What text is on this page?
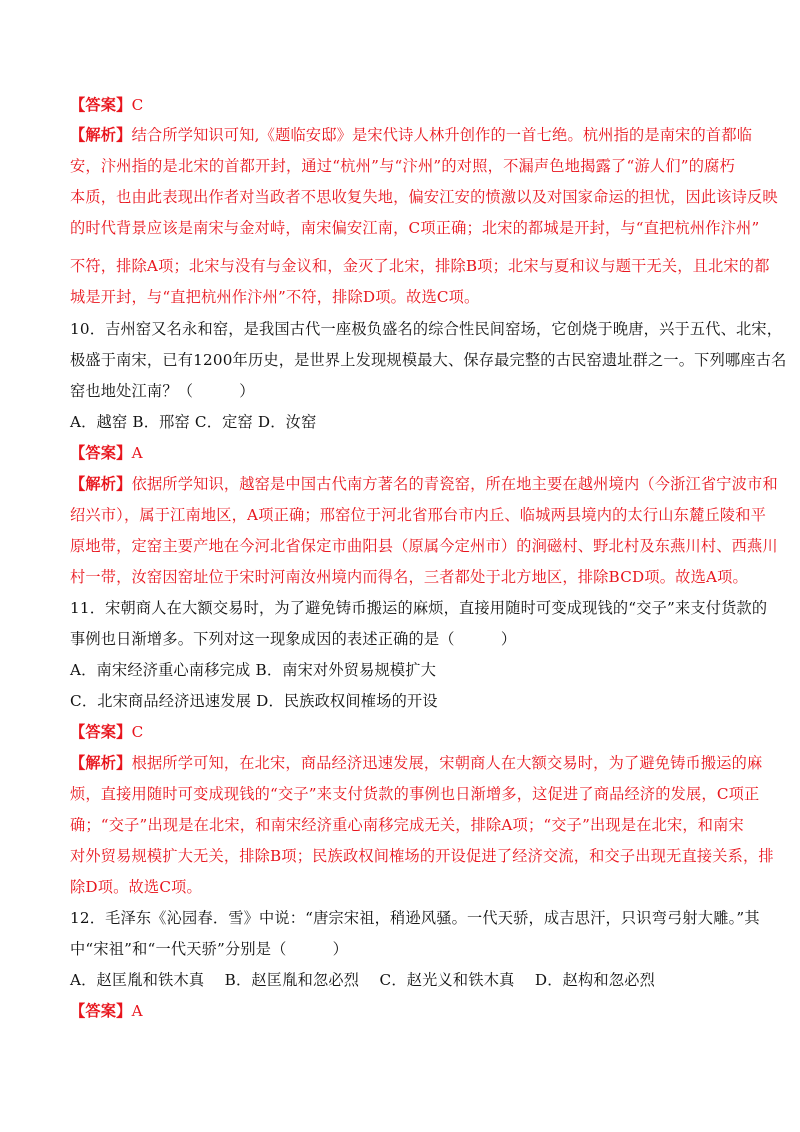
【答案】C
【解析】结合所学知识可知,《题临安邸》是宋代诗人林升创作的一首七绝。杭州指的是南宋的首都临
安，汴州指的是北宋的首都开封，通过“杭州”与“汴州”的对照，不漏声色地揭露了“游人们”的腐朽
本质，也由此表现出作者对当政者不思收复失地，偏安江安的愤激以及对国家命运的担忧，因此该诗反映
的时代背景应该是南宋与金对峙，南宋偏安江南，C项正确；北宋的都城是开封，与“直把杭州作汴州”
不符，排除A项；北宋与没有与金议和，金灭了北宋，排除B项；北宋与夏和议与题干无关，且北宋的都
城是开封，与“直把杭州作汴州”不符，排除D项。故选C项。
10．吉州窑又名永和窑，是我国古代一座极负盛名的综合性民间窑场，它创烧于晚唐，兴于五代、北宋，
极盛于南宋，已有1200年历史，是世界上发现规模最大、保存最完整的古民窑遗址群之一。下列哪座古名
窑也地处江南？（　　　）
A．越窑 B．邢窑 C．定窑 D．汝窑
【答案】A
【解析】依据所学知识，越窑是中国古代南方著名的青瓷窑，所在地主要在越州境内（今浙江省宁波市和
绍兴市），属于江南地区，A项正确；邢窑位于河北省邢台市内丘、临城两县境内的太行山东麓丘陵和平
原地带，定窑主要产地在今河北省保定市曲阳县（原属今定州市）的涧磁村、野北村及东燕川村、西燕川
村一带，汝窑因窑址位于宋时河南汝州境内而得名，三者都处于北方地区，排除BCD项。故选A项。
11．宋朝商人在大额交易时，为了避免铸币搬运的麻烦，直接用随时可变成现钱的“交子”来支付货款的
事例也日渐增多。下列对这一现象成因的表述正确的是（　　　）
A．南宋经济重心南移完成 B．南宋对外贸易规模扩大
C．北宋商品经济迅速发展 D．民族政权间榷场的开设
【答案】C
【解析】根据所学可知，在北宋，商品经济迅速发展，宋朝商人在大额交易时，为了避免铸币搬运的麻
烦，直接用随时可变成现钱的“交子”来支付货款的事例也日渐增多，这促进了商品经济的发展，C项正
确；“交子”出现是在北宋，和南宋经济重心南移完成无关，排除A项；“交子”出现是在北宋，和南宋
对外贸易规模扩大无关，排除B项；民族政权间榷场的开设促进了经济交流，和交子出现无直接关系，排
除D项。故选C项。
12．毛泽东《沁园春．雪》中说：“唐宗宋祖，稍逊风骚。一代天骄，成吉思汗，只识弯弓射大雕。”其
中“宋祖”和“一代天骄”分别是（　　　）
A．赵匡胤和铁木真　 B．赵匡胤和忽必烈　 C．赵光义和铁木真　 D．赵构和忽必烈
【答案】A
